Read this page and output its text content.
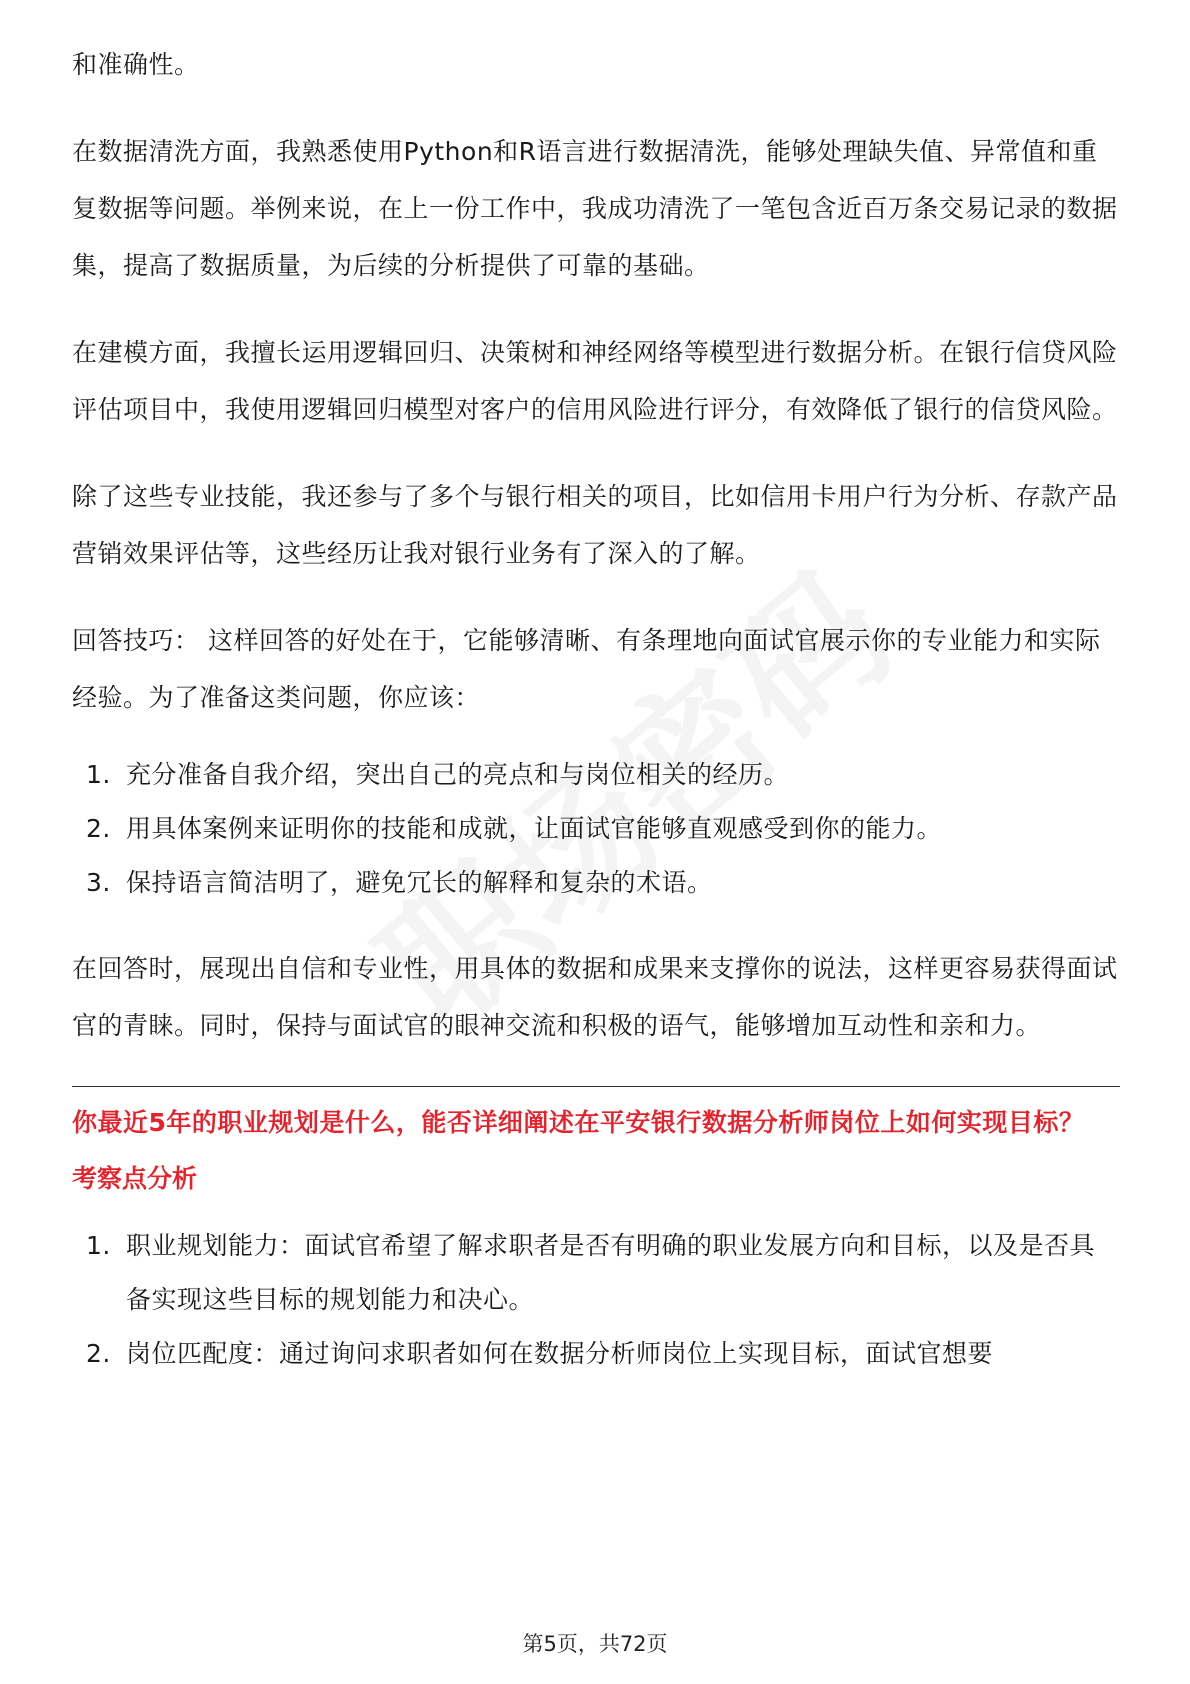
和准确性。

在数据清洗方面，我熟悉使用Python和R语言进行数据清洗，能够处理缺失值、异常值和重复数据等问题。举例来说，在上一份工作中，我成功清洗了一笔包含近百万条交易记录的数据集，提高了数据质量，为后续的分析提供了可靠的基础。

在建模方面，我擅长运用逻辑回归、决策树和神经网络等模型进行数据分析。在银行信贷风险评估项目中，我使用逻辑回归模型对客户的信用风险进行评分，有效降低了银行的信贷风险。

除了这些专业技能，我还参与了多个与银行相关的项目，比如信用卡用户行为分析、存款产品营销效果评估等，这些经历让我对银行业务有了深入的了解。

回答技巧： 这样回答的好处在于，它能够清晰、有条理地向面试官展示你的专业能力和实际经验。为了准备这类问题，你应该：

1. 充分准备自我介绍，突出自己的亮点和与岗位相关的经历。
2. 用具体案例来证明你的技能和成就，让面试官能够直观感受到你的能力。
3. 保持语言简洁明了，避免冗长的解释和复杂的术语。

在回答时，展现出自信和专业性，用具体的数据和成果来支撑你的说法，这样更容易获得面试官的青睐。同时，保持与面试官的眼神交流和积极的语气，能够增加互动性和亲和力。

你最近5年的职业规划是什么，能否详细阐述在平安银行数据分析师岗位上如何实现目标？

考察点分析

1. 职业规划能力：面试官希望了解求职者是否有明确的职业发展方向和目标，以及是否具备实现这些目标的规划能力和决心。
2. 岗位匹配度：通过询问求职者如何在数据分析师岗位上实现目标，面试官想要
第5页，共72页
